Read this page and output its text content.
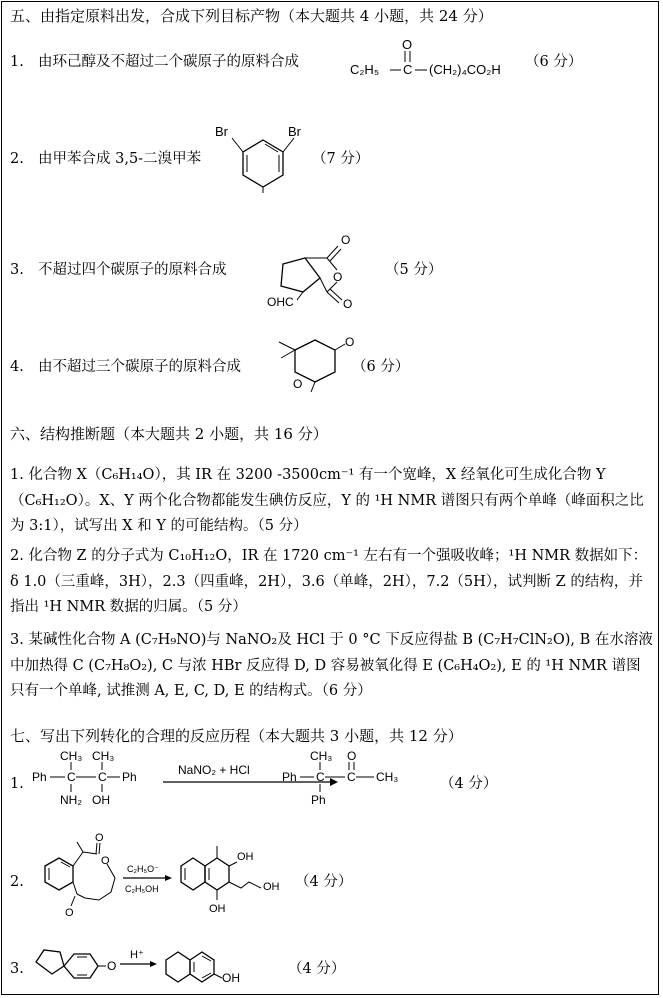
五、由指定原料出发，合成下列目标产物（本大题共 4 小题，共 24 分）
1. 由环己醇及不超过二个碳原子的原料合成	C₂H₅ C
O
(CH₂)₄CO₂H （6 分）
2. 由甲苯合成 3,5-二溴甲苯
Br	Br
（7 分）
3. 不超过四个碳原子的原料合成	O
O
O
OHC
（5 分）
4. 由不超过三个碳原子的原料合成
O
O
（6 分）
六、结构推断题（本大题共 2 小题，共 16 分）
1. 化合物 X（C₆H₁₄O），其 IR 在 3200 -3500cm⁻¹ 有一个宽峰，X 经氧化可生成化合物 Y（C₆H₁₂O）。X、Y 两个化合物都能发生碘仿反应，Y 的 ¹H NMR 谱图只有两个单峰（峰面积之比为 3:1），试写出 X 和 Y 的可能结构。（5 分）
2. 化合物 Z 的分子式为 C₁₀H₁₂O，IR 在 1720 cm⁻¹ 左右有一个强吸收峰；¹H NMR 数据如下：δ 1.0（三重峰，3H），2.3（四重峰，2H），3.6（单峰，2H），7.2（5H），试判断 Z 的结构，并指出 ¹H NMR 数据的归属。（5 分）
3. 某碱性化合物 A (C₇H₉NO)与 NaNO₂及 HCl 于 0 °C 下反应得盐 B (C₇H₇ClN₂O), B 在水溶液中加热得 C (C₇H₈O₂), C 与浓 HBr 反应得 D, D 容易被氧化得 E (C₆H₄O₂), E 的 ¹H NMR 谱图只有一个单峰, 试推测 A, E, C, D, E 的结构式。（6 分）
七、写出下列转化的合理的反应历程（本大题共 3 小题，共 12 分）
1. Ph C
CH₃
NH₂
C
CH₃
OH
Ph	NaNO₂ + HCl	Ph C
CH₃
Ph
C
O
CH₃	（4 分）
2.
O
O
O
C₂H₅O⁻
C₂H₅OH
OH
OH
OH
（4 分）
3.	O
H⁺
OH
（4 分）
